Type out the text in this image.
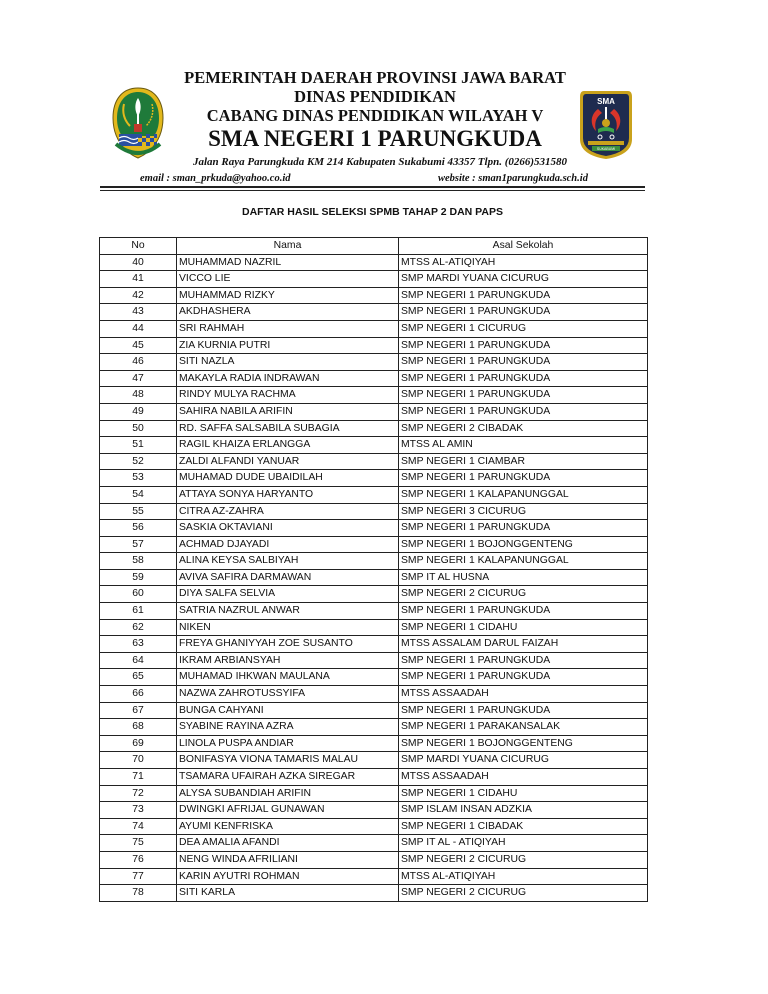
PEMERINTAH DAERAH PROVINSI JAWA BARAT
DINAS PENDIDIKAN
CABANG DINAS PENDIDIKAN WILAYAH V
SMA NEGERI 1 PARUNGKUDA
SMA
SUKABUMI
Jalan Raya Parungkuda KM 214 Kabupaten Sukabumi 43357 Tlpn. (0266)531580
email : sman_prkuda@yahoo.co.id	website : sman1parungkuda.sch.id
DAFTAR HASIL SELEKSI SPMB TAHAP 2 DAN PAPS
No	Nama	Asal Sekolah
40	MUHAMMAD NAZRIL	MTSS AL-ATIQIYAH
41	VICCO LIE	SMP MARDI YUANA CICURUG
42	MUHAMMAD RIZKY	SMP NEGERI 1 PARUNGKUDA
43	AKDHASHERA	SMP NEGERI 1 PARUNGKUDA
44	SRI RAHMAH	SMP NEGERI 1 CICURUG
45	ZIA KURNIA PUTRI	SMP NEGERI 1 PARUNGKUDA
46	SITI NAZLA	SMP NEGERI 1 PARUNGKUDA
47	MAKAYLA RADIA INDRAWAN	SMP NEGERI 1 PARUNGKUDA
48	RINDY MULYA RACHMA	SMP NEGERI 1 PARUNGKUDA
49	SAHIRA NABILA ARIFIN	SMP NEGERI 1 PARUNGKUDA
50	RD. SAFFA SALSABILA SUBAGIA	SMP NEGERI 2 CIBADAK
51	RAGIL KHAIZA ERLANGGA	MTSS AL AMIN
52	ZALDI ALFANDI YANUAR	SMP NEGERI 1 CIAMBAR
53	MUHAMAD DUDE UBAIDILAH	SMP NEGERI 1 PARUNGKUDA
54	ATTAYA SONYA HARYANTO	SMP NEGERI 1 KALAPANUNGGAL
55	CITRA AZ-ZAHRA	SMP NEGERI 3 CICURUG
56	SASKIA OKTAVIANI	SMP NEGERI 1 PARUNGKUDA
57	ACHMAD DJAYADI	SMP NEGERI 1 BOJONGGENTENG
58	ALINA KEYSA SALBIYAH	SMP NEGERI 1 KALAPANUNGGAL
59	AVIVA SAFIRA DARMAWAN	SMP IT AL HUSNA
60	DIYA SALFA SELVIA	SMP NEGERI 2 CICURUG
61	SATRIA NAZRUL ANWAR	SMP NEGERI 1 PARUNGKUDA
62	NIKEN	SMP NEGERI 1 CIDAHU
63	FREYA GHANIYYAH ZOE SUSANTO	MTSS ASSALAM DARUL FAIZAH
64	IKRAM ARBIANSYAH	SMP NEGERI 1 PARUNGKUDA
65	MUHAMAD IHKWAN MAULANA	SMP NEGERI 1 PARUNGKUDA
66	NAZWA ZAHROTUSSYIFA	MTSS ASSAADAH
67	BUNGA CAHYANI	SMP NEGERI 1 PARUNGKUDA
68	SYABINE RAYINA AZRA	SMP NEGERI 1 PARAKANSALAK
69	LINOLA PUSPA ANDIAR	SMP NEGERI 1 BOJONGGENTENG
70	BONIFASYA VIONA TAMARIS MALAU	SMP MARDI YUANA CICURUG
71	TSAMARA UFAIRAH AZKA SIREGAR	MTSS ASSAADAH
72	ALYSA SUBANDIAH ARIFIN	SMP NEGERI 1 CIDAHU
73	DWINGKI AFRIJAL GUNAWAN	SMP ISLAM INSAN ADZKIA
74	AYUMI KENFRISKA	SMP NEGERI 1 CIBADAK
75	DEA AMALIA AFANDI	SMP IT AL - ATIQIYAH
76	NENG WINDA AFRILIANI	SMP NEGERI 2 CICURUG
77	KARIN AYUTRI ROHMAN	MTSS AL-ATIQIYAH
78	SITI KARLA	SMP NEGERI 2 CICURUG
